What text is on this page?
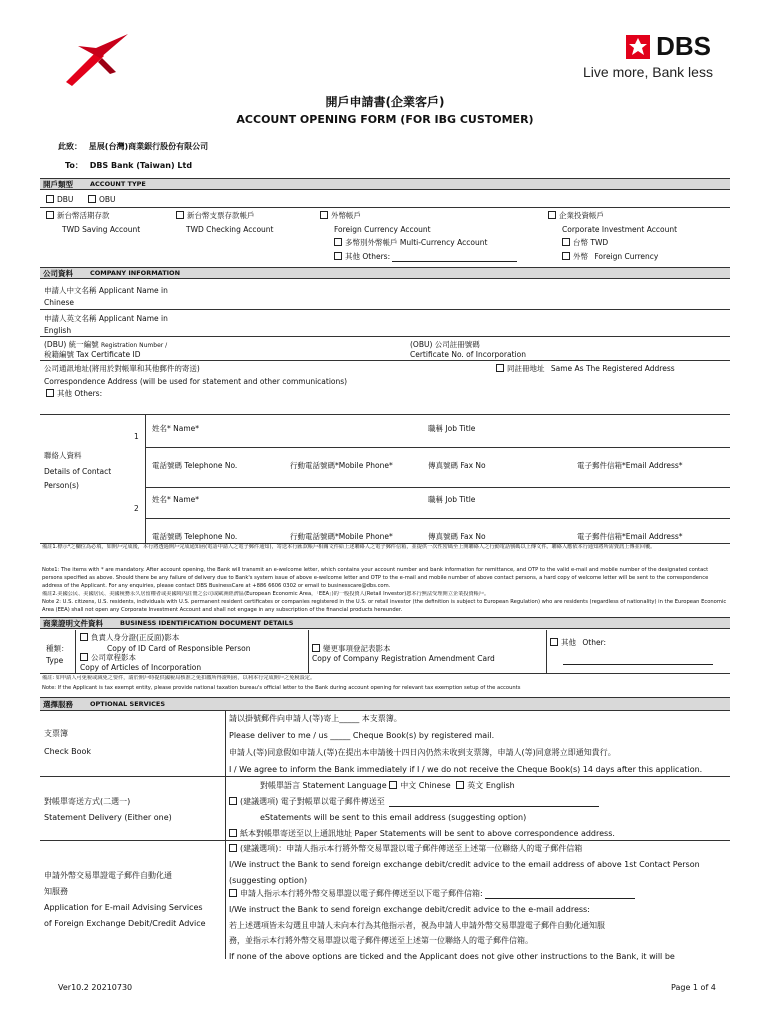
DBS
Live more, Bank less
開戶申請書(企業客戶)
ACCOUNT OPENING FORM (FOR IBG CUSTOMER)
此致： 星展(台灣)商業銀行股份有限公司
To： DBS Bank (Taiwan) Ltd
開戶類型	ACCOUNT TYPE
DBU	OBU
新台幣活期存款
TWD Saving Account
新台幣支票存款帳戶
TWD Checking Account
外幣帳戶
Foreign Currency Account
多幣別外幣帳戶 Multi-Currency Account
其他 Others:
企業投資帳戶
Corporate Investment Account
台幣 TWD
外幣 Foreign Currency
公司資料	COMPANY INFORMATION
申請人中文名稱 Applicant Name in
Chinese
申請人英文名稱 Applicant Name in
English
(DBU) 統一編號 Registration Number /
稅籍編號 Tax Certificate ID
(OBU) 公司註冊號碼
Certificate No. of Incorporation
公司通訊地址(將用於對帳單和其他郵件的寄送)	同註冊地址 Same As The Registered Address
Correspondence Address (will be used for statement and other communications)
其他 Others:
聯絡人資料
Details of Contact
Person(s)
1
2
姓名* Name*	職稱 Job Title
電話號碼 Telephone No.	行動電話號碼*Mobile Phone*	傳真號碼 Fax No	電子郵件信箱*Email Address*
姓名* Name*	職稱 Job Title
電話號碼 Telephone No.	行動電話號碼*Mobile Phone*	傳真號碼 Fax No	電子郵件信箱*Email Address*
備註1.標示*之欄位為必填，如開戶完成後，本行將透過開戶完成通知函(電話中請人之電子郵件通知)，寄送本行匯款帳戶相關文件給上述聯絡人之電子郵件信箱，並提供一次性密碼至上開聯絡人之行動電話號碼以上傳文件。聯絡人應依本行通知將所需資訊上傳並回覆。
Note1: The items with * are mandatory. After account opening, the Bank will transmit an e-welcome letter, which contains your account number and bank information for remittance, and OTP to the valid e-mail and mobile number of the designated contact
persons specified as above. Should there be any failure of delivery due to Bank's system issue of above e-welcome letter and OTP to the e-mail and mobile number of above contact persons, a hard copy of welcome letter will be sent to the correspondence
address of the Applicant. For any enquiries, please contact DBS BusinessCare at +886 6606 0302 or email to businesscare@dbs.com.
備註2.美國公民、美國居民、美國稅務永久居留權者或美國境內註冊之公司或歐洲經濟區(European Economic Area，「EEA」)的一般投資人(Retail Investor)恕本行無法受理開立企業投資帳戶。
Note 2: U.S. citizens, U.S. residents, individuals with U.S. permanent resident certificates or companies registered in the U.S. or retail investor (the definition is subject to European Regulation) who are residents (regardless of nationality) in the European Economic
Area (EEA) shall not open any Corporate Investment Account and shall not engage in any subscription of the financial products hereunder.
商業證明文件資料	BUSINESS IDENTIFICATION DOCUMENT DETAILS
種類：
Type
負責人身分證(正反面)影本
Copy of ID Card of Responsible Person
公司章程影本
Copy of Articles of Incorporation
變更事項登記表影本
Copy of Company Registration Amendment Card
其他 Other:
備註: 如申請人可免稅或減免之要件，請於開戶時提供國稅局核准之免扣繳所得證明函，以利本行完成開戶之免稅設定。
Note: If the Applicant is tax exempt entity, please provide national taxation bureau's official letter to the Bank during account opening for relevant tax exemption setup of the accounts
選擇服務	OPTIONAL SERVICES
支票簿
Check Book
請以掛號郵件向申請人(等)寄上_____ 本支票簿。
Please deliver to me / us _____ Cheque Book(s) by registered mail.
申請人(等)同意假如申請人(等)在提出本申請後十四日內仍然未收到支票簿，申請人(等)同意將立即通知貴行。
I / We agree to inform the Bank immediately if I / we do not receive the Cheque Book(s) 14 days after this application.
對帳單寄送方式(二選一)
Statement Delivery (Either one)
對帳單語言 Statement Language 中文 Chinese 英文 English
(建議選項) 電子對帳單以電子郵件傳送至
eStatements will be sent to this email address (suggesting option)
紙本對帳單寄送至以上通訊地址 Paper Statements will be sent to above correspondence address.
申請外幣交易單證電子郵件自動化通
知服務
Application for E-mail Advising Services
of Foreign Exchange Debit/Credit Advice
(建議選項)：申請人指示本行將外幣交易單證以電子郵件傳送至上述第一位聯絡人的電子郵件信箱
I/We instruct the Bank to send foreign exchange debit/credit advice to the email address of above 1st Contact Person
(suggesting option)
申請人指示本行將外幣交易單證以電子郵件傳送至以下電子郵件信箱:
I/We instruct the Bank to send foreign exchange debit/credit advice to the e-mail address:
若上述選項皆未勾選且申請人未向本行為其他指示者，視為申請人申請外幣交易單證電子郵件自動化通知服
務，並指示本行將外幣交易單證以電子郵件傳送至上述第一位聯絡人的電子郵件信箱。
If none of the above options are ticked and the Applicant does not give other instructions to the Bank, it will be
Ver10.2 20210730	Page 1 of 4
